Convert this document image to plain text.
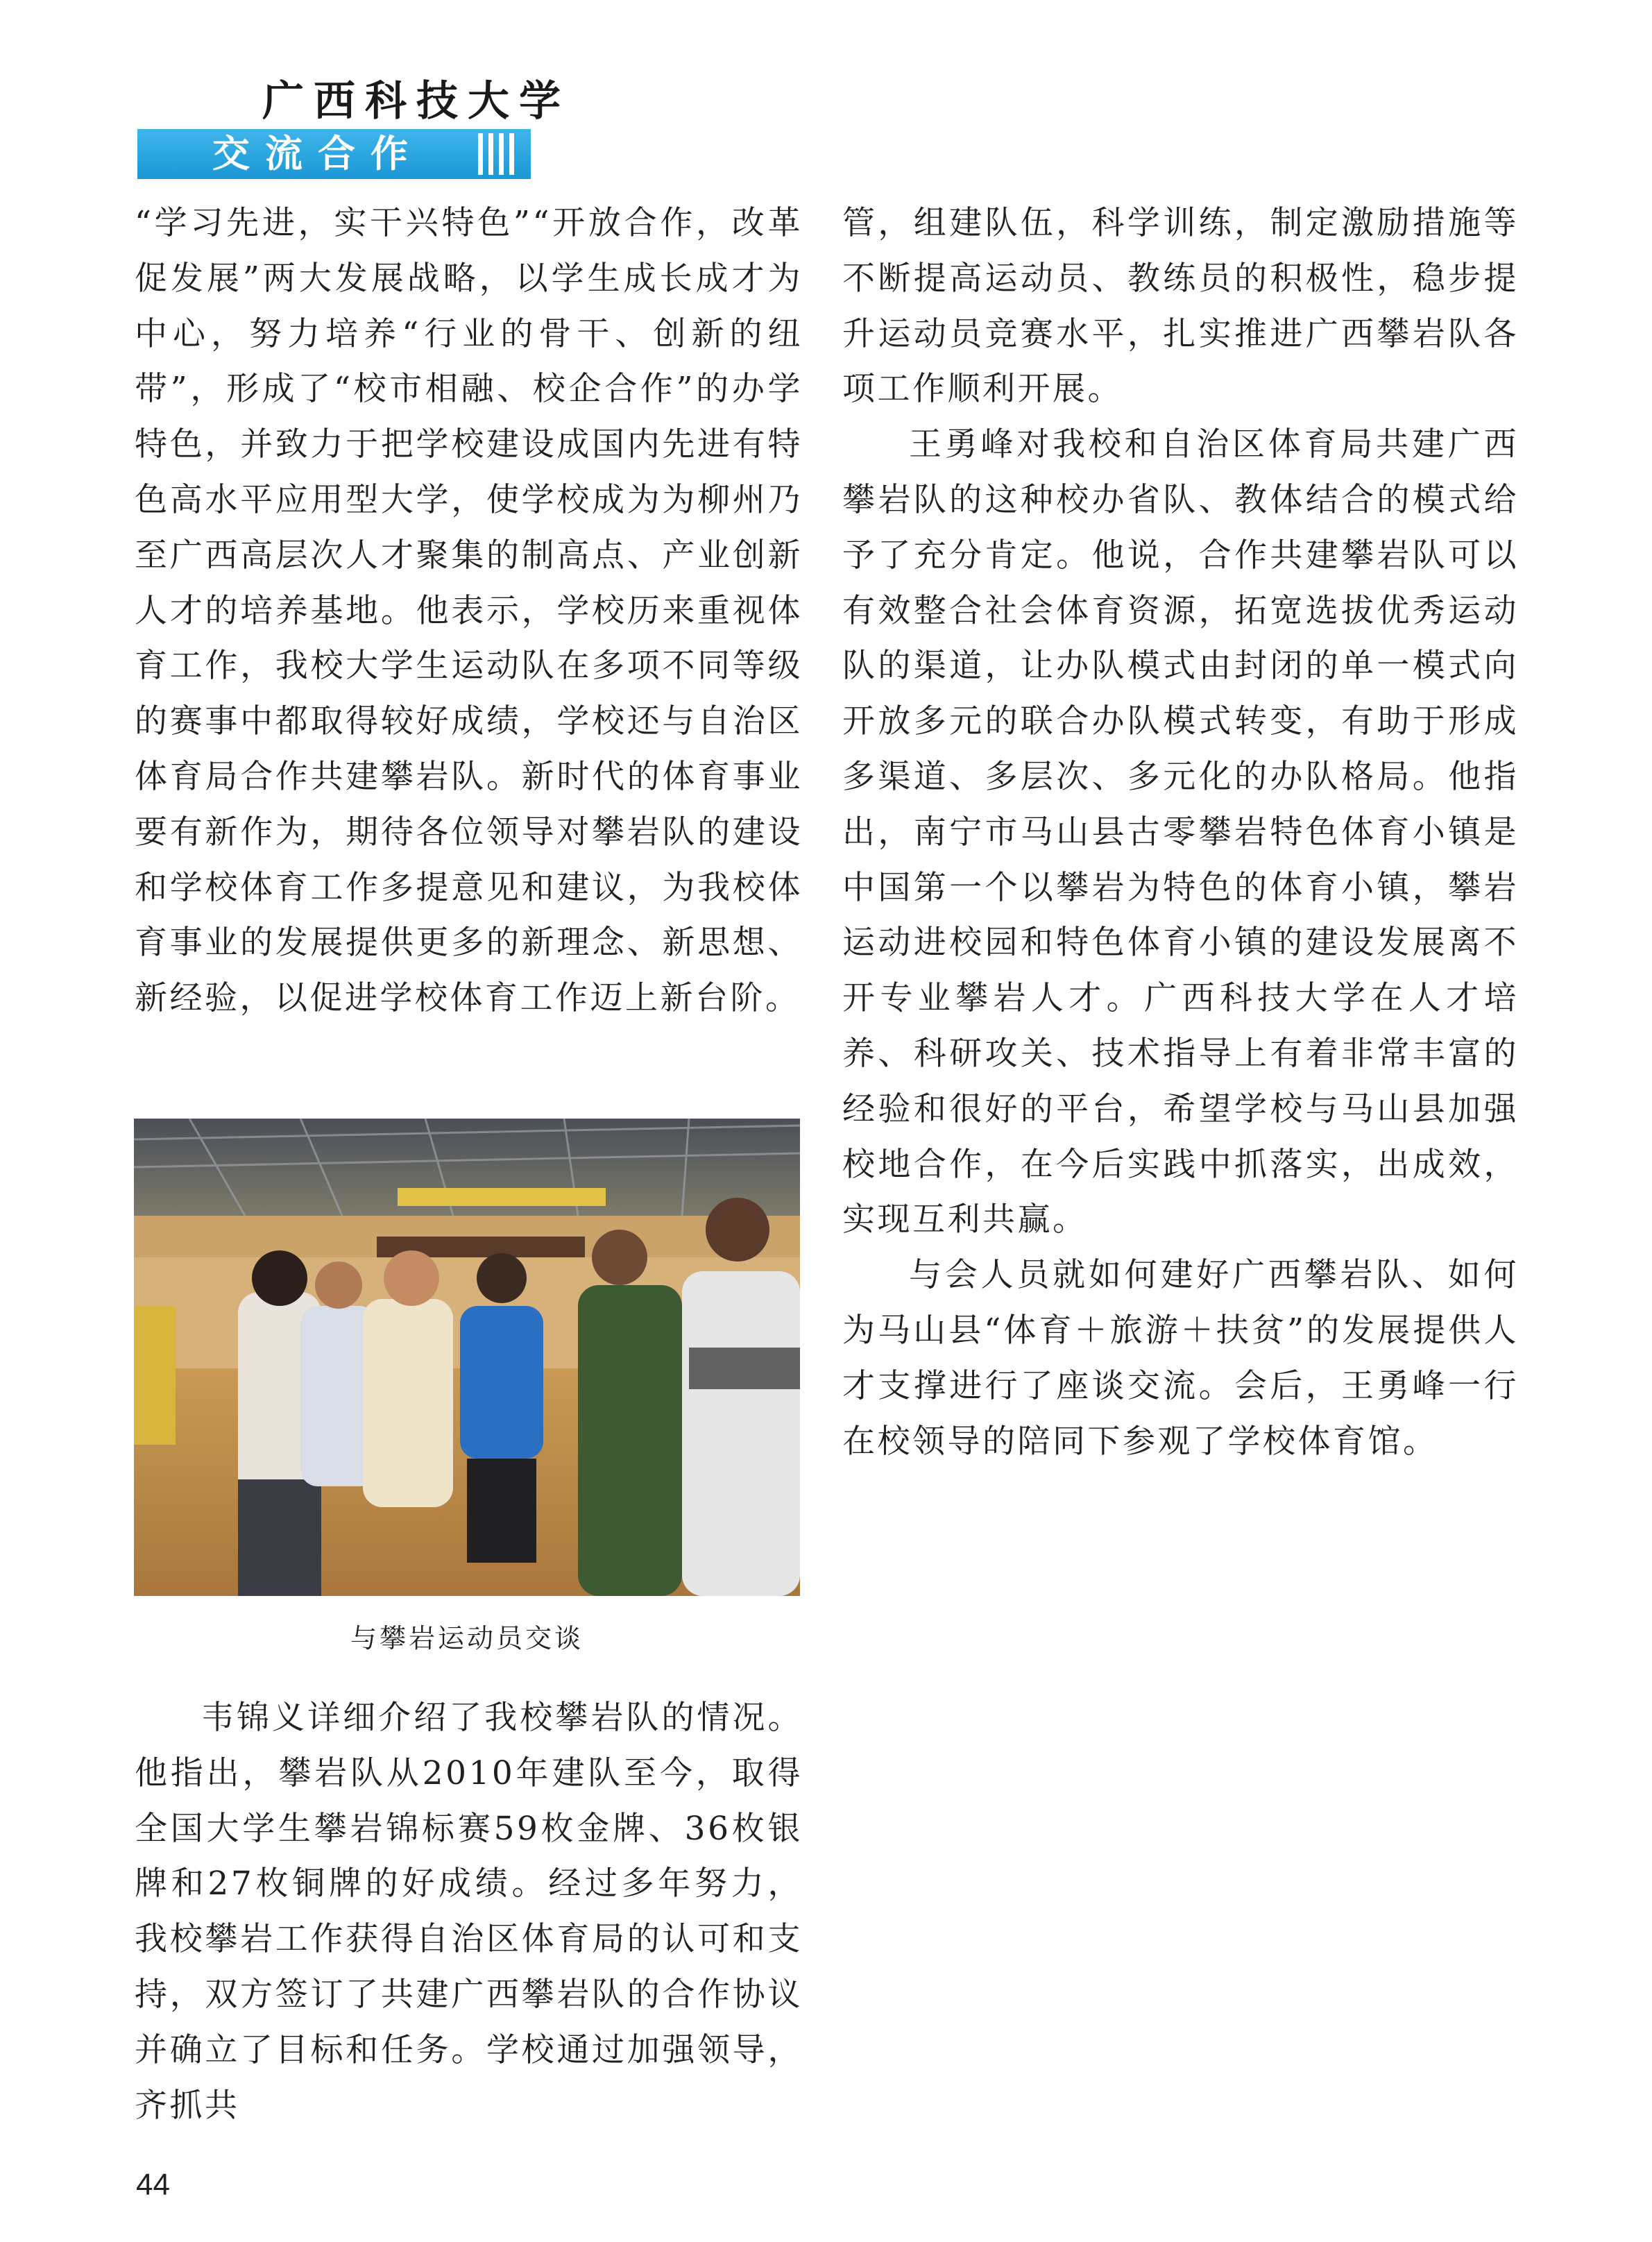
广西科技大学
交流合作

“学习先进，实干兴特色”“开放合作，改革促发展”两大发展战略，以学生成长成才为中心，努力培养“行业的骨干、创新的纽带”，形成了“校市相融、校企合作”的办学特色，并致力于把学校建设成国内先进有特色高水平应用型大学，使学校成为为柳州乃至广西高层次人才聚集的制高点、产业创新人才的培养基地。他表示，学校历来重视体育工作，我校大学生运动队在多项不同等级的赛事中都取得较好成绩，学校还与自治区体育局合作共建攀岩队。新时代的体育事业要有新作为，期待各位领导对攀岩队的建设和学校体育工作多提意见和建议，为我校体育事业的发展提供更多的新理念、新思想、新经验，以促进学校体育工作迈上新台阶。

与攀岩运动员交谈

韦锦义详细介绍了我校攀岩队的情况。他指出，攀岩队从2010年建队至今，取得全国大学生攀岩锦标赛59枚金牌、36枚银牌和27枚铜牌的好成绩。经过多年努力，我校攀岩工作获得自治区体育局的认可和支持，双方签订了共建广西攀岩队的合作协议并确立了目标和任务。学校通过加强领导，齐抓共

管，组建队伍，科学训练，制定激励措施等不断提高运动员、教练员的积极性，稳步提升运动员竞赛水平，扎实推进广西攀岩队各项工作顺利开展。

王勇峰对我校和自治区体育局共建广西攀岩队的这种校办省队、教体结合的模式给予了充分肯定。他说，合作共建攀岩队可以有效整合社会体育资源，拓宽选拔优秀运动队的渠道，让办队模式由封闭的单一模式向开放多元的联合办队模式转变，有助于形成多渠道、多层次、多元化的办队格局。他指出，南宁市马山县古零攀岩特色体育小镇是中国第一个以攀岩为特色的体育小镇，攀岩运动进校园和特色体育小镇的建设发展离不开专业攀岩人才。广西科技大学在人才培养、科研攻关、技术指导上有着非常丰富的经验和很好的平台，希望学校与马山县加强校地合作，在今后实践中抓落实，出成效，实现互利共赢。

与会人员就如何建好广西攀岩队、如何为马山县“体育＋旅游＋扶贫”的发展提供人才支撑进行了座谈交流。会后，王勇峰一行在校领导的陪同下参观了学校体育馆。

44
